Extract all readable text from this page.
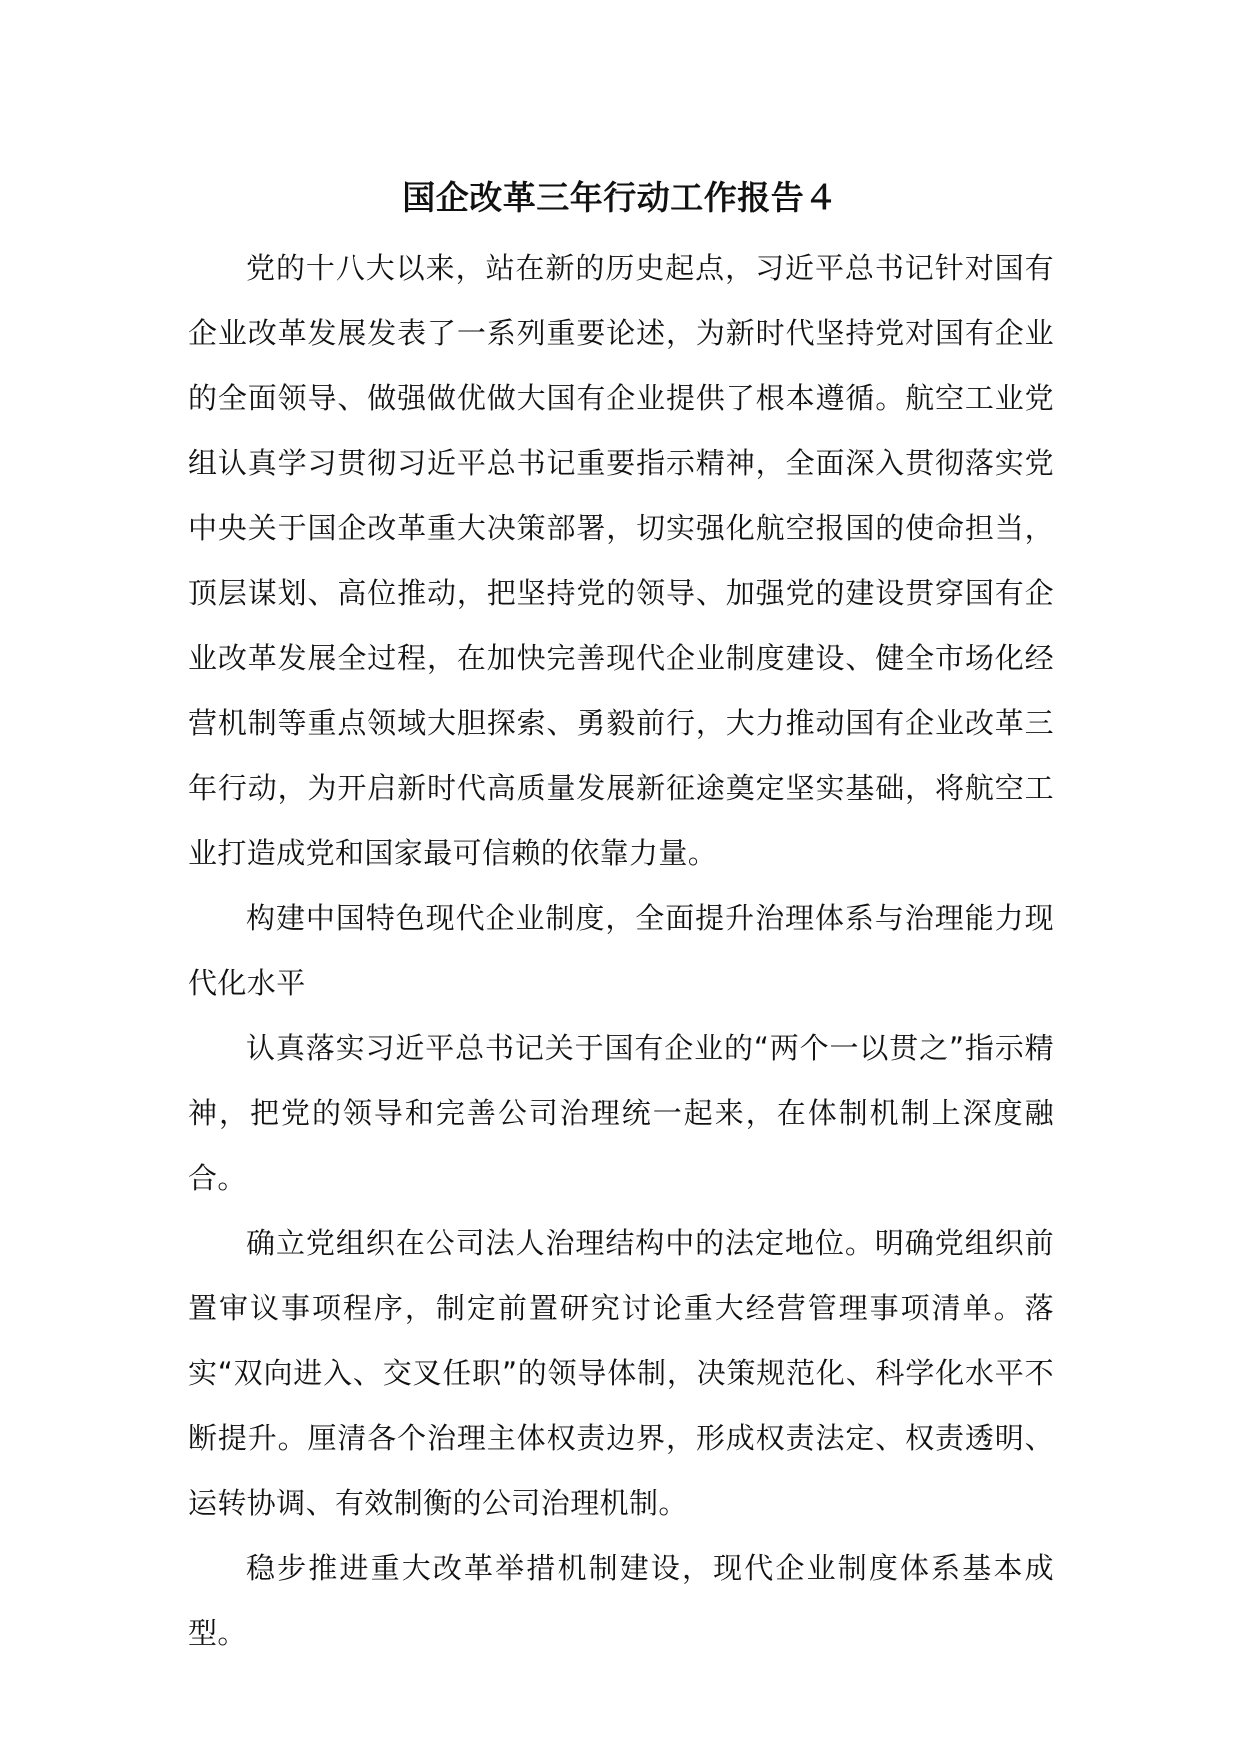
国企改革三年行动工作报告４

党的十八大以来，站在新的历史起点，习近平总书记针对国有企业改革发展发表了一系列重要论述，为新时代坚持党对国有企业的全面领导、做强做优做大国有企业提供了根本遵循。航空工业党组认真学习贯彻习近平总书记重要指示精神，全面深入贯彻落实党中央关于国企改革重大决策部署，切实强化航空报国的使命担当，顶层谋划、高位推动，把坚持党的领导、加强党的建设贯穿国有企业改革发展全过程，在加快完善现代企业制度建设、健全市场化经营机制等重点领域大胆探索、勇毅前行，大力推动国有企业改革三年行动，为开启新时代高质量发展新征途奠定坚实基础，将航空工业打造成党和国家最可信赖的依靠力量。

构建中国特色现代企业制度，全面提升治理体系与治理能力现代化水平

认真落实习近平总书记关于国有企业的“两个一以贯之”指示精神，把党的领导和完善公司治理统一起来，在体制机制上深度融合。

确立党组织在公司法人治理结构中的法定地位。明确党组织前置审议事项程序，制定前置研究讨论重大经营管理事项清单。落实“双向进入、交叉任职”的领导体制，决策规范化、科学化水平不断提升。厘清各个治理主体权责边界，形成权责法定、权责透明、运转协调、有效制衡的公司治理机制。

稳步推进重大改革举措机制建设，现代企业制度体系基本成型。
